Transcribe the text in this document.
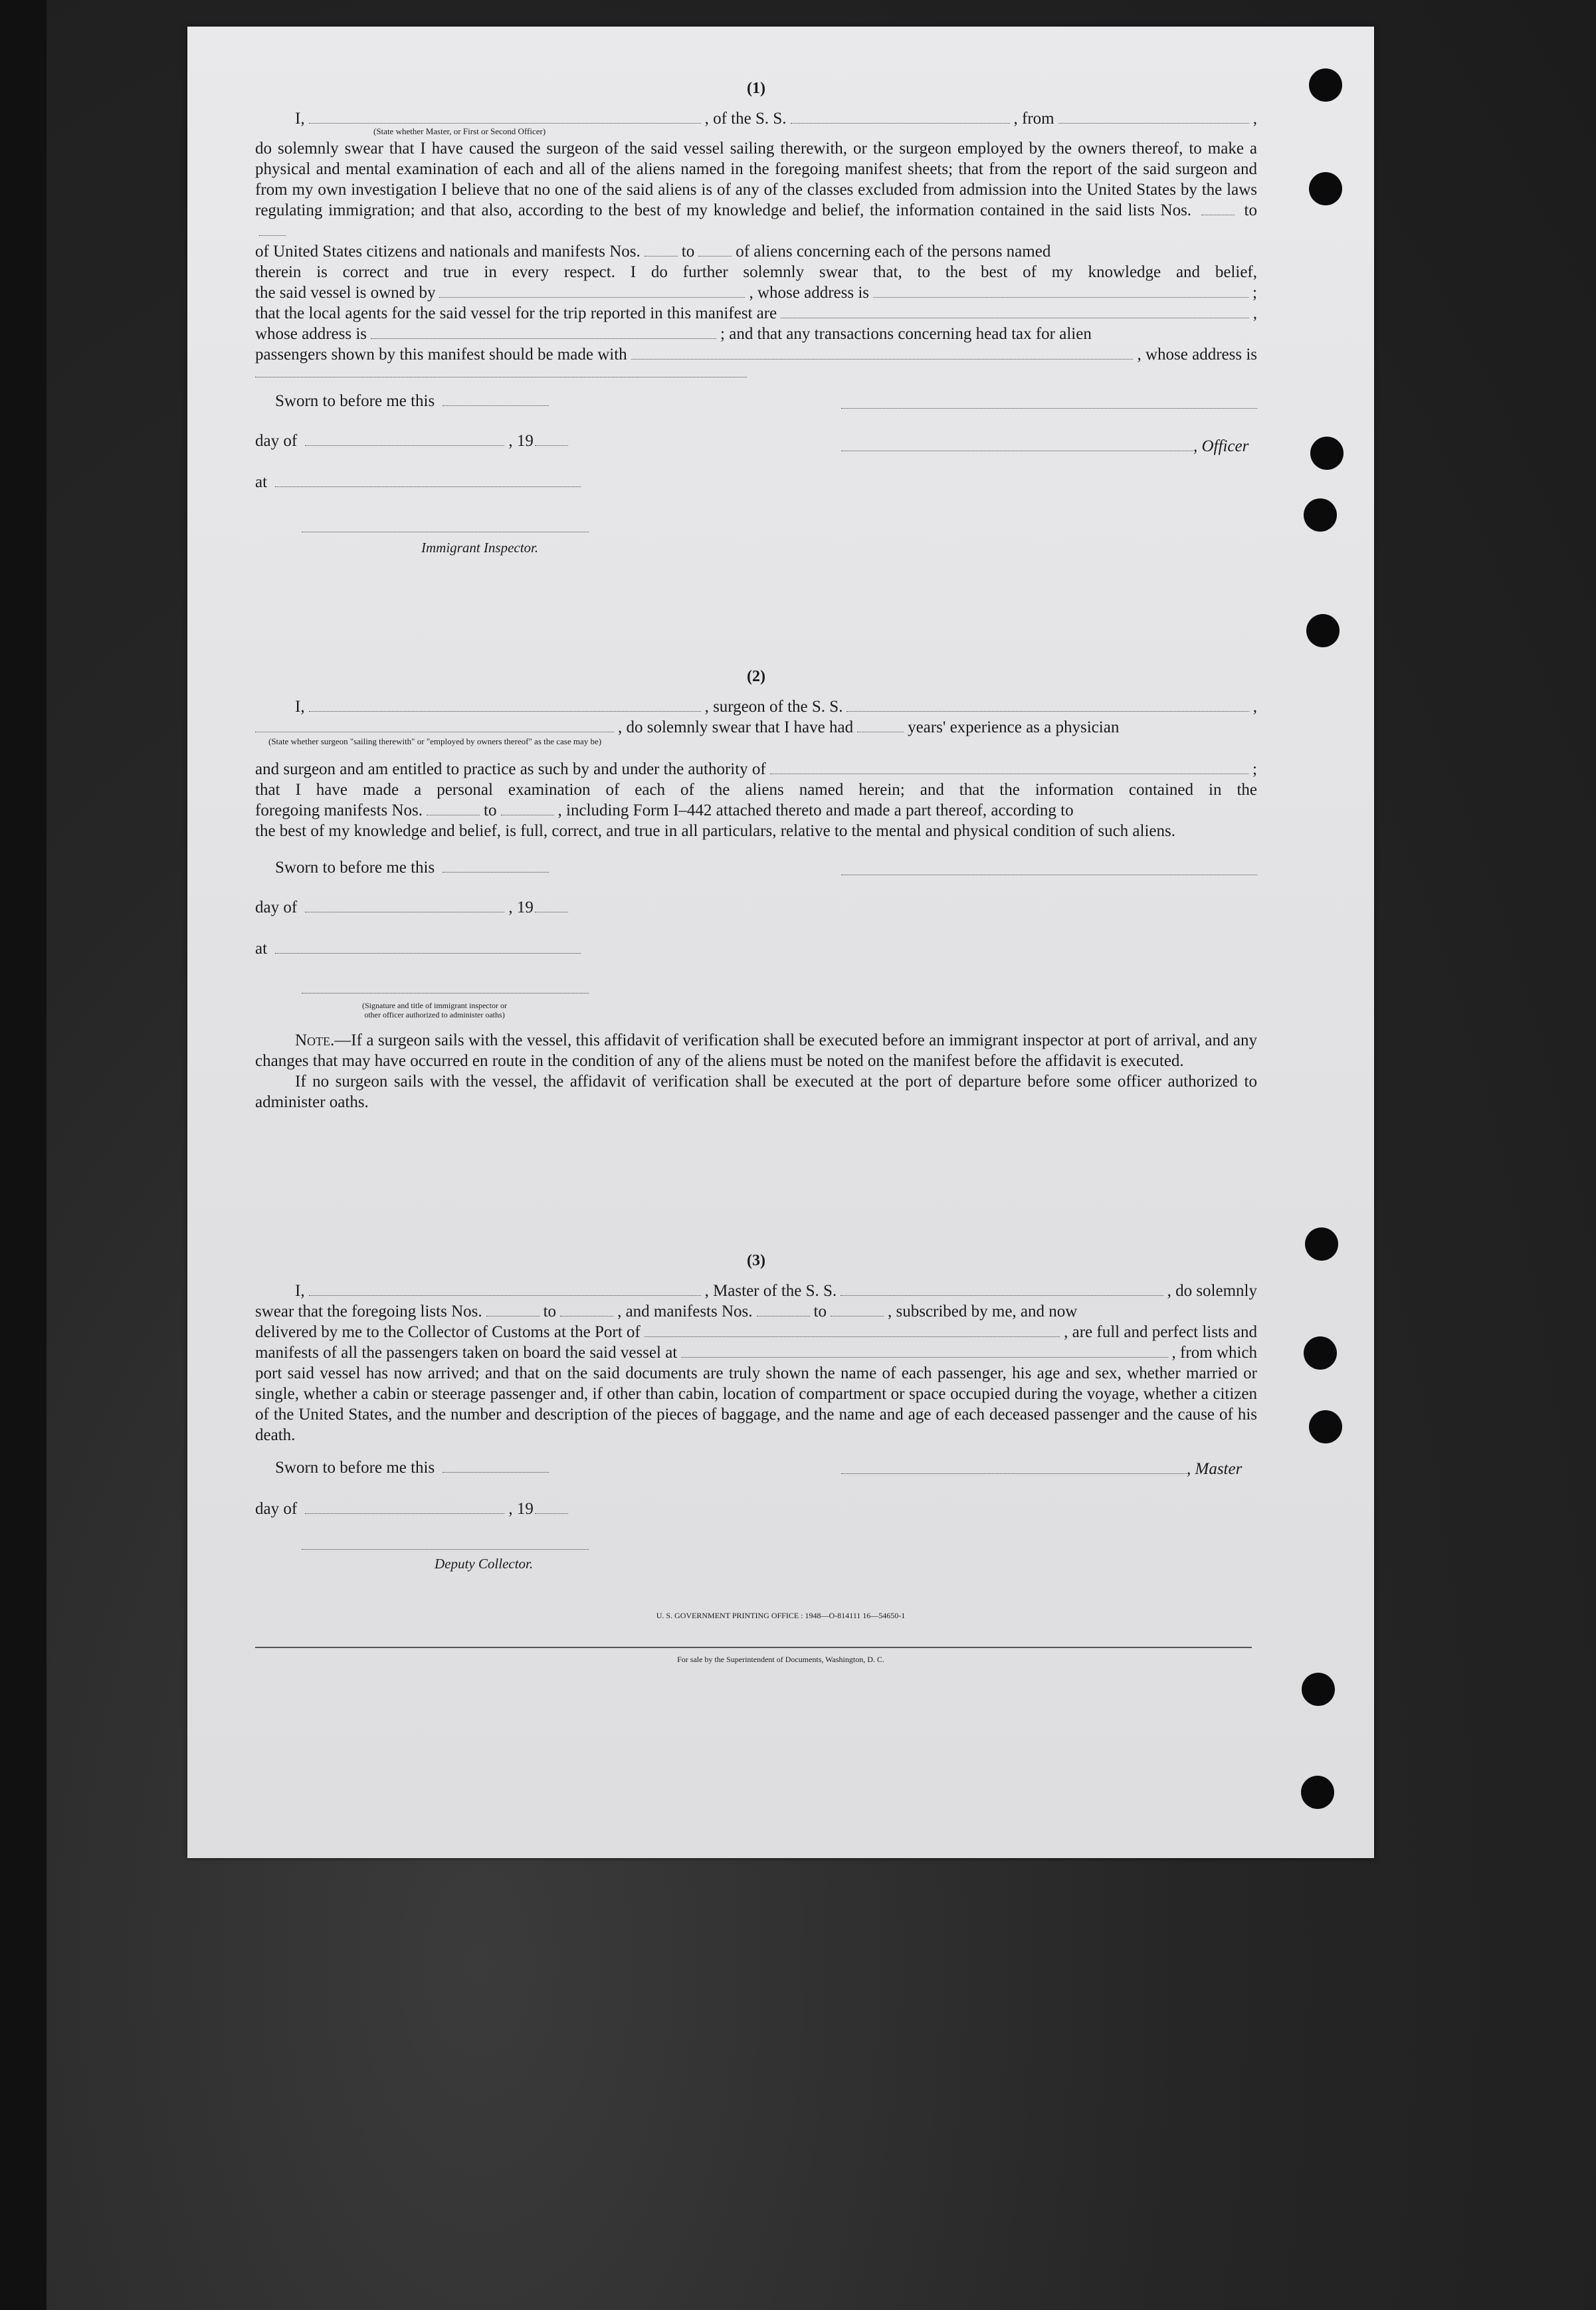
(1)
I,	, of the S. S.	, from	,
(State whether Master, or First or Second Officer)
do solemnly swear that I have caused the surgeon of the said vessel sailing therewith, or the surgeon employed by the owners thereof, to make a physical and mental examination of each and all of the aliens named in the foregoing manifest sheets; that from the report of the said surgeon and from my own investigation I believe that no one of the said aliens is of any of the classes excluded from admission into the United States by the laws regulating immigration; and that also, according to the best of my knowledge and belief, the information contained in the said lists Nos.	to
of United States citizens and nationals and manifests Nos. to of aliens concerning each of the persons named
therein is correct and true in every respect. I do further solemnly swear that, to the best of my knowledge and belief,
the said vessel is owned by	, whose address is	;
that the local agents for the said vessel for the trip reported in this manifest are	,
whose address is	; and that any transactions concerning head tax for alien
passengers shown by this manifest should be made with	, whose address is
Sworn to before me this
day of	, 19
at
, Officer
Immigrant Inspector.
(2)
I,	, surgeon of the S. S.	,
, do solemnly swear that I have had	years' experience as a physician
(State whether surgeon "sailing therewith" or "employed by owners thereof" as the case may be)
and surgeon and am entitled to practice as such by and under the authority of	;
that I have made a personal examination of each of the aliens named herein; and that the information contained in the
foregoing manifests Nos.	to	, including Form I–442 attached thereto and made a part thereof, according to
the best of my knowledge and belief, is full, correct, and true in all particulars, relative to the mental and physical condition of such aliens.
Sworn to before me this
day of	, 19
at
(Signature and title of immigrant inspector or
other officer authorized to administer oaths)
Note.—If a surgeon sails with the vessel, this affidavit of verification shall be executed before an immigrant inspector at port of arrival, and any changes that may have occurred en route in the condition of any of the aliens must be noted on the manifest before the affidavit is executed.
If no surgeon sails with the vessel, the affidavit of verification shall be executed at the port of departure before some officer authorized to administer oaths.
(3)
I,	, Master of the S. S.	, do solemnly
swear that the foregoing lists Nos.	to	, and manifests Nos.	to	, subscribed by me, and now
delivered by me to the Collector of Customs at the Port of	, are full and perfect lists and
manifests of all the passengers taken on board the said vessel at	, from which
port said vessel has now arrived; and that on the said documents are truly shown the name of each passenger, his age and sex, whether married or single, whether a cabin or steerage passenger and, if other than cabin, location of compartment or space occupied during the voyage, whether a citizen of the United States, and the number and description of the pieces of baggage, and the name and age of each deceased passenger and the cause of his death.
Sworn to before me this	, Master
day of	, 19
Deputy Collector.
U. S. GOVERNMENT PRINTING OFFICE : 1948—O-814111 16—54650-1
For sale by the Superintendent of Documents, Washington, D. C.
